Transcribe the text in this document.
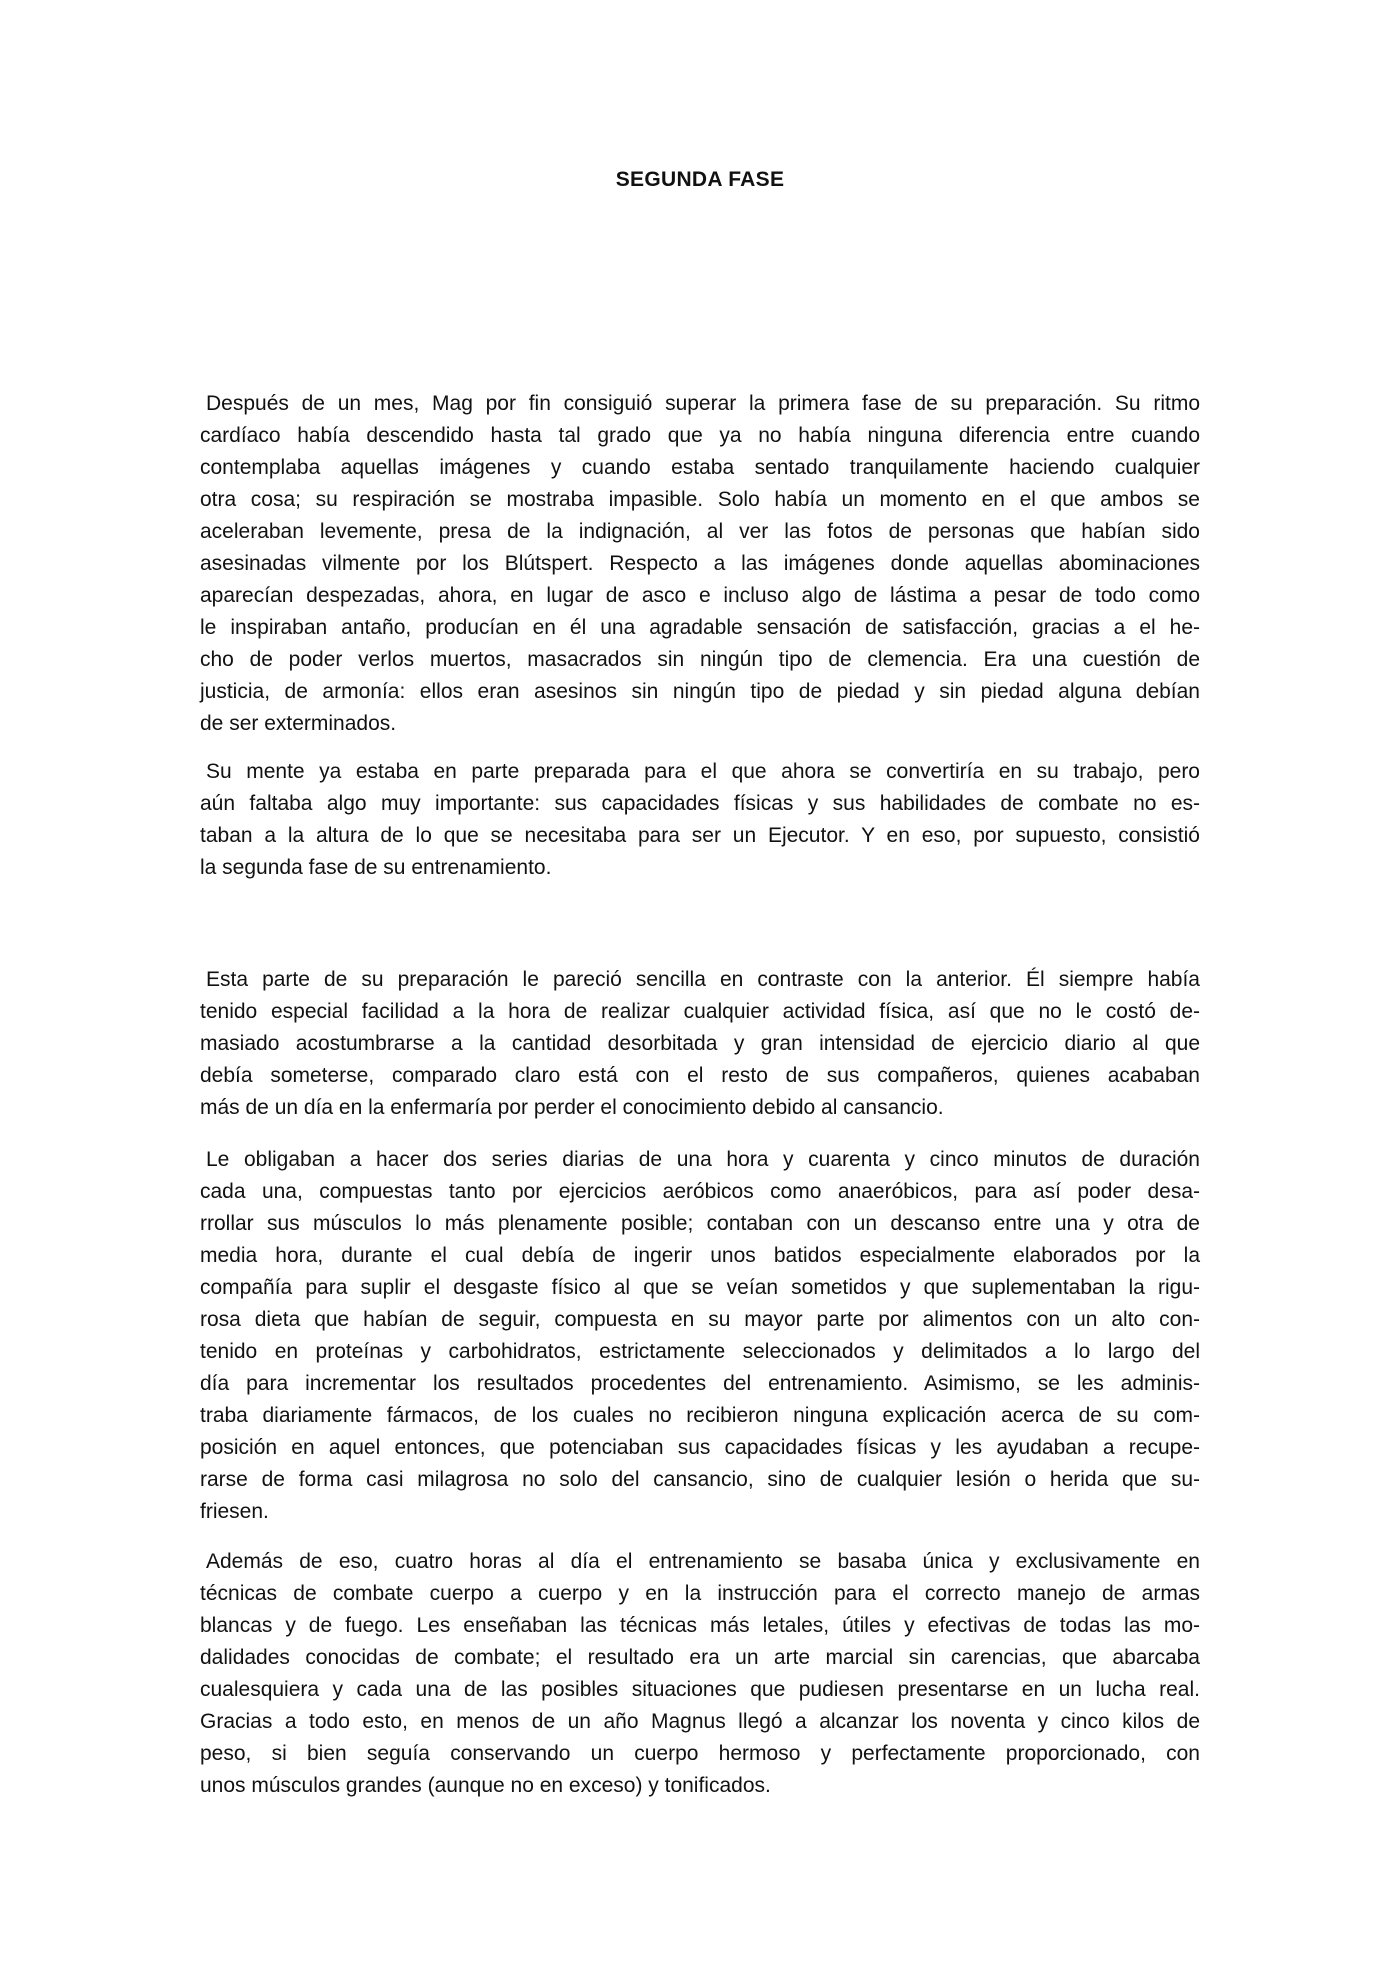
SEGUNDA FASE
Después de un mes, Mag por fin consiguió superar la primera fase de su preparación. Su ritmo
cardíaco había descendido hasta tal grado que ya no había ninguna diferencia entre cuando
contemplaba aquellas imágenes y cuando estaba sentado tranquilamente haciendo cualquier
otra cosa; su respiración se mostraba impasible. Solo había un momento en el que ambos se
aceleraban levemente, presa de la indignación, al ver las fotos de personas que habían sido
asesinadas vilmente por los Blútspert. Respecto a las imágenes donde aquellas abominaciones
aparecían despezadas, ahora, en lugar de asco e incluso algo de lástima a pesar de todo como
le inspiraban antaño, producían en él una agradable sensación de satisfacción, gracias a el he-
cho de poder verlos muertos, masacrados sin ningún tipo de clemencia. Era una cuestión de
justicia, de armonía: ellos eran asesinos sin ningún tipo de piedad y sin piedad alguna debían
de ser exterminados.
Su mente ya estaba en parte preparada para el que ahora se convertiría en su trabajo, pero
aún faltaba algo muy importante: sus capacidades físicas y sus habilidades de combate no es-
taban a la altura de lo que se necesitaba para ser un Ejecutor. Y en eso, por supuesto, consistió
la segunda fase de su entrenamiento.
Esta parte de su preparación le pareció sencilla en contraste con la anterior. Él siempre había
tenido especial facilidad a la hora de realizar cualquier actividad física, así que no le costó de-
masiado acostumbrarse a la cantidad desorbitada y gran intensidad de ejercicio diario al que
debía someterse, comparado claro está con el resto de sus compañeros, quienes acababan
más de un día en la enfermaría por perder el conocimiento debido al cansancio.
Le obligaban a hacer dos series diarias de una hora y cuarenta y cinco minutos de duración
cada una, compuestas tanto por ejercicios aeróbicos como anaeróbicos, para así poder desa-
rrollar sus músculos lo más plenamente posible; contaban con un descanso entre una y otra de
media hora, durante el cual debía de ingerir unos batidos especialmente elaborados por la
compañía para suplir el desgaste físico al que se veían sometidos y que suplementaban la rigu-
rosa dieta que habían de seguir, compuesta en su mayor parte por alimentos con un alto con-
tenido en proteínas y carbohidratos, estrictamente seleccionados y delimitados a lo largo del
día para incrementar los resultados procedentes del entrenamiento. Asimismo, se les adminis-
traba diariamente fármacos, de los cuales no recibieron ninguna explicación acerca de su com-
posición en aquel entonces, que potenciaban sus capacidades físicas y les ayudaban a recupe-
rarse de forma casi milagrosa no solo del cansancio, sino de cualquier lesión o herida que su-
friesen.
Además de eso, cuatro horas al día el entrenamiento se basaba única y exclusivamente en
técnicas de combate cuerpo a cuerpo y en la instrucción para el correcto manejo de armas
blancas y de fuego. Les enseñaban las técnicas más letales, útiles y efectivas de todas las mo-
dalidades conocidas de combate; el resultado era un arte marcial sin carencias, que abarcaba
cualesquiera y cada una de las posibles situaciones que pudiesen presentarse en un lucha real.
Gracias a todo esto, en menos de un año Magnus llegó a alcanzar los noventa y cinco kilos de
peso, si bien seguía conservando un cuerpo hermoso y perfectamente proporcionado, con
unos músculos grandes (aunque no en exceso) y tonificados.
